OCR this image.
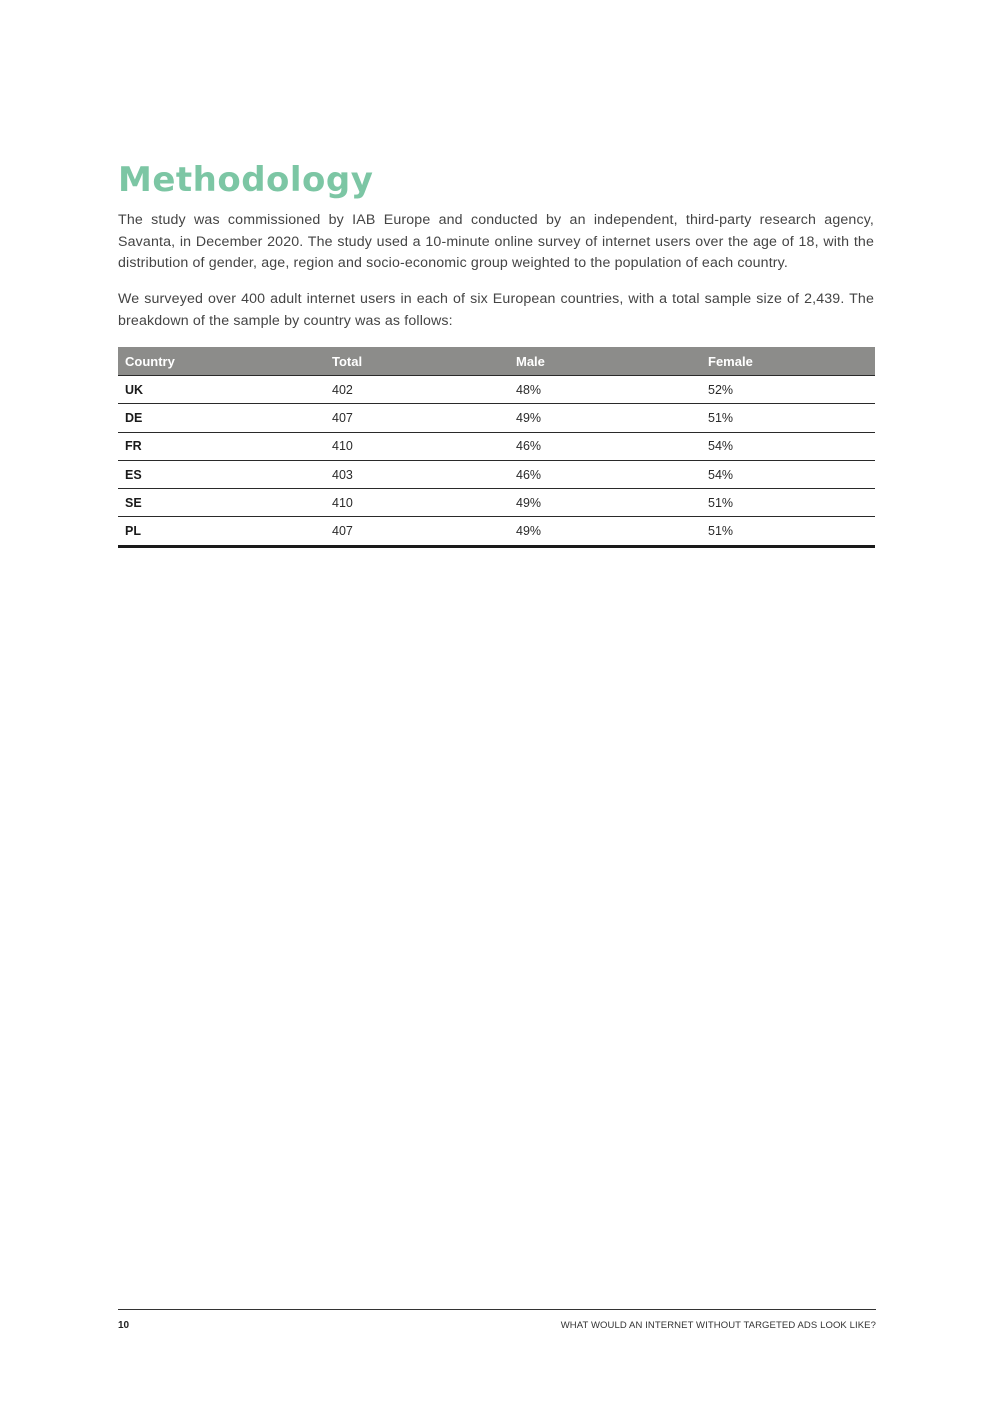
Methodology

The study was commissioned by IAB Europe and conducted by an independent, third-party research agency, Savanta, in December 2020. The study used a 10-minute online survey of internet users over the age of 18, with the distribution of gender, age, region and socio-economic group weighted to the population of each country.

We surveyed over 400 adult internet users in each of six European countries, with a total sample size of 2,439. The breakdown of the sample by country was as follows:

Country	Total	Male	Female
UK	402	48%	52%
DE	407	49%	51%
FR	410	46%	54%
ES	403	46%	54%
SE	410	49%	51%
PL	407	49%	51%
10	WHAT WOULD AN INTERNET WITHOUT TARGETED ADS LOOK LIKE?
